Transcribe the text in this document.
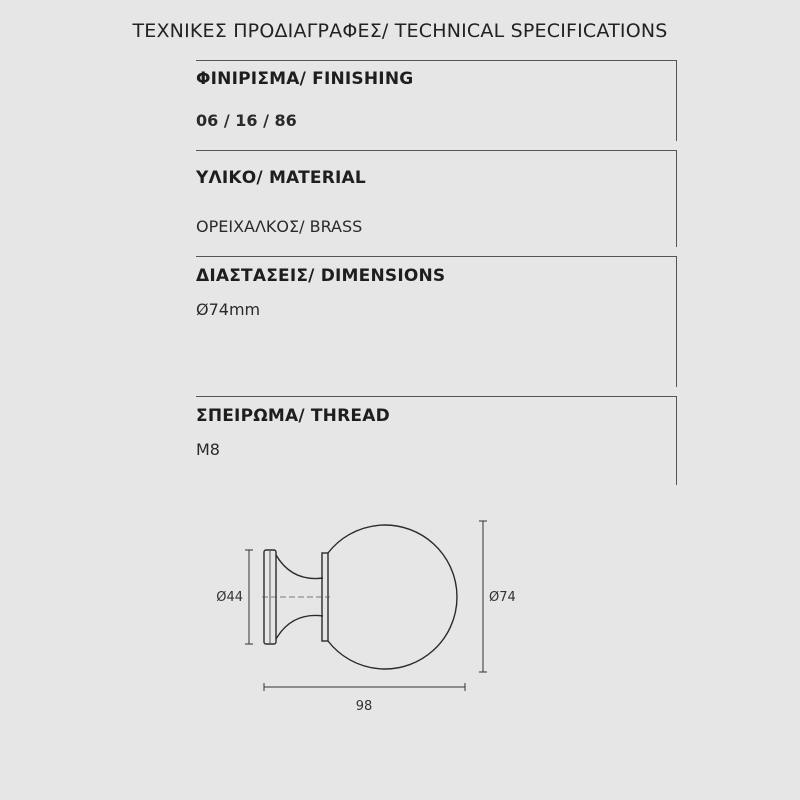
ΤΕΧΝΙΚΕΣ ΠΡΟΔΙΑΓΡΑΦΕΣ/ TECHNICAL SPECIFICATIONS
ΦΙΝΙΡΙΣΜΑ/ FINISHING
06 / 16 / 86
ΥΛΙΚΟ/ MATERIAL
ΟΡΕΙΧΑΛΚΟΣ/ BRASS
ΔΙΑΣΤΑΣΕΙΣ/ DIMENSIONS
Ø74mm
ΣΠΕΙΡΩΜΑ/ THREAD
M8
Ø44	Ø74
98
